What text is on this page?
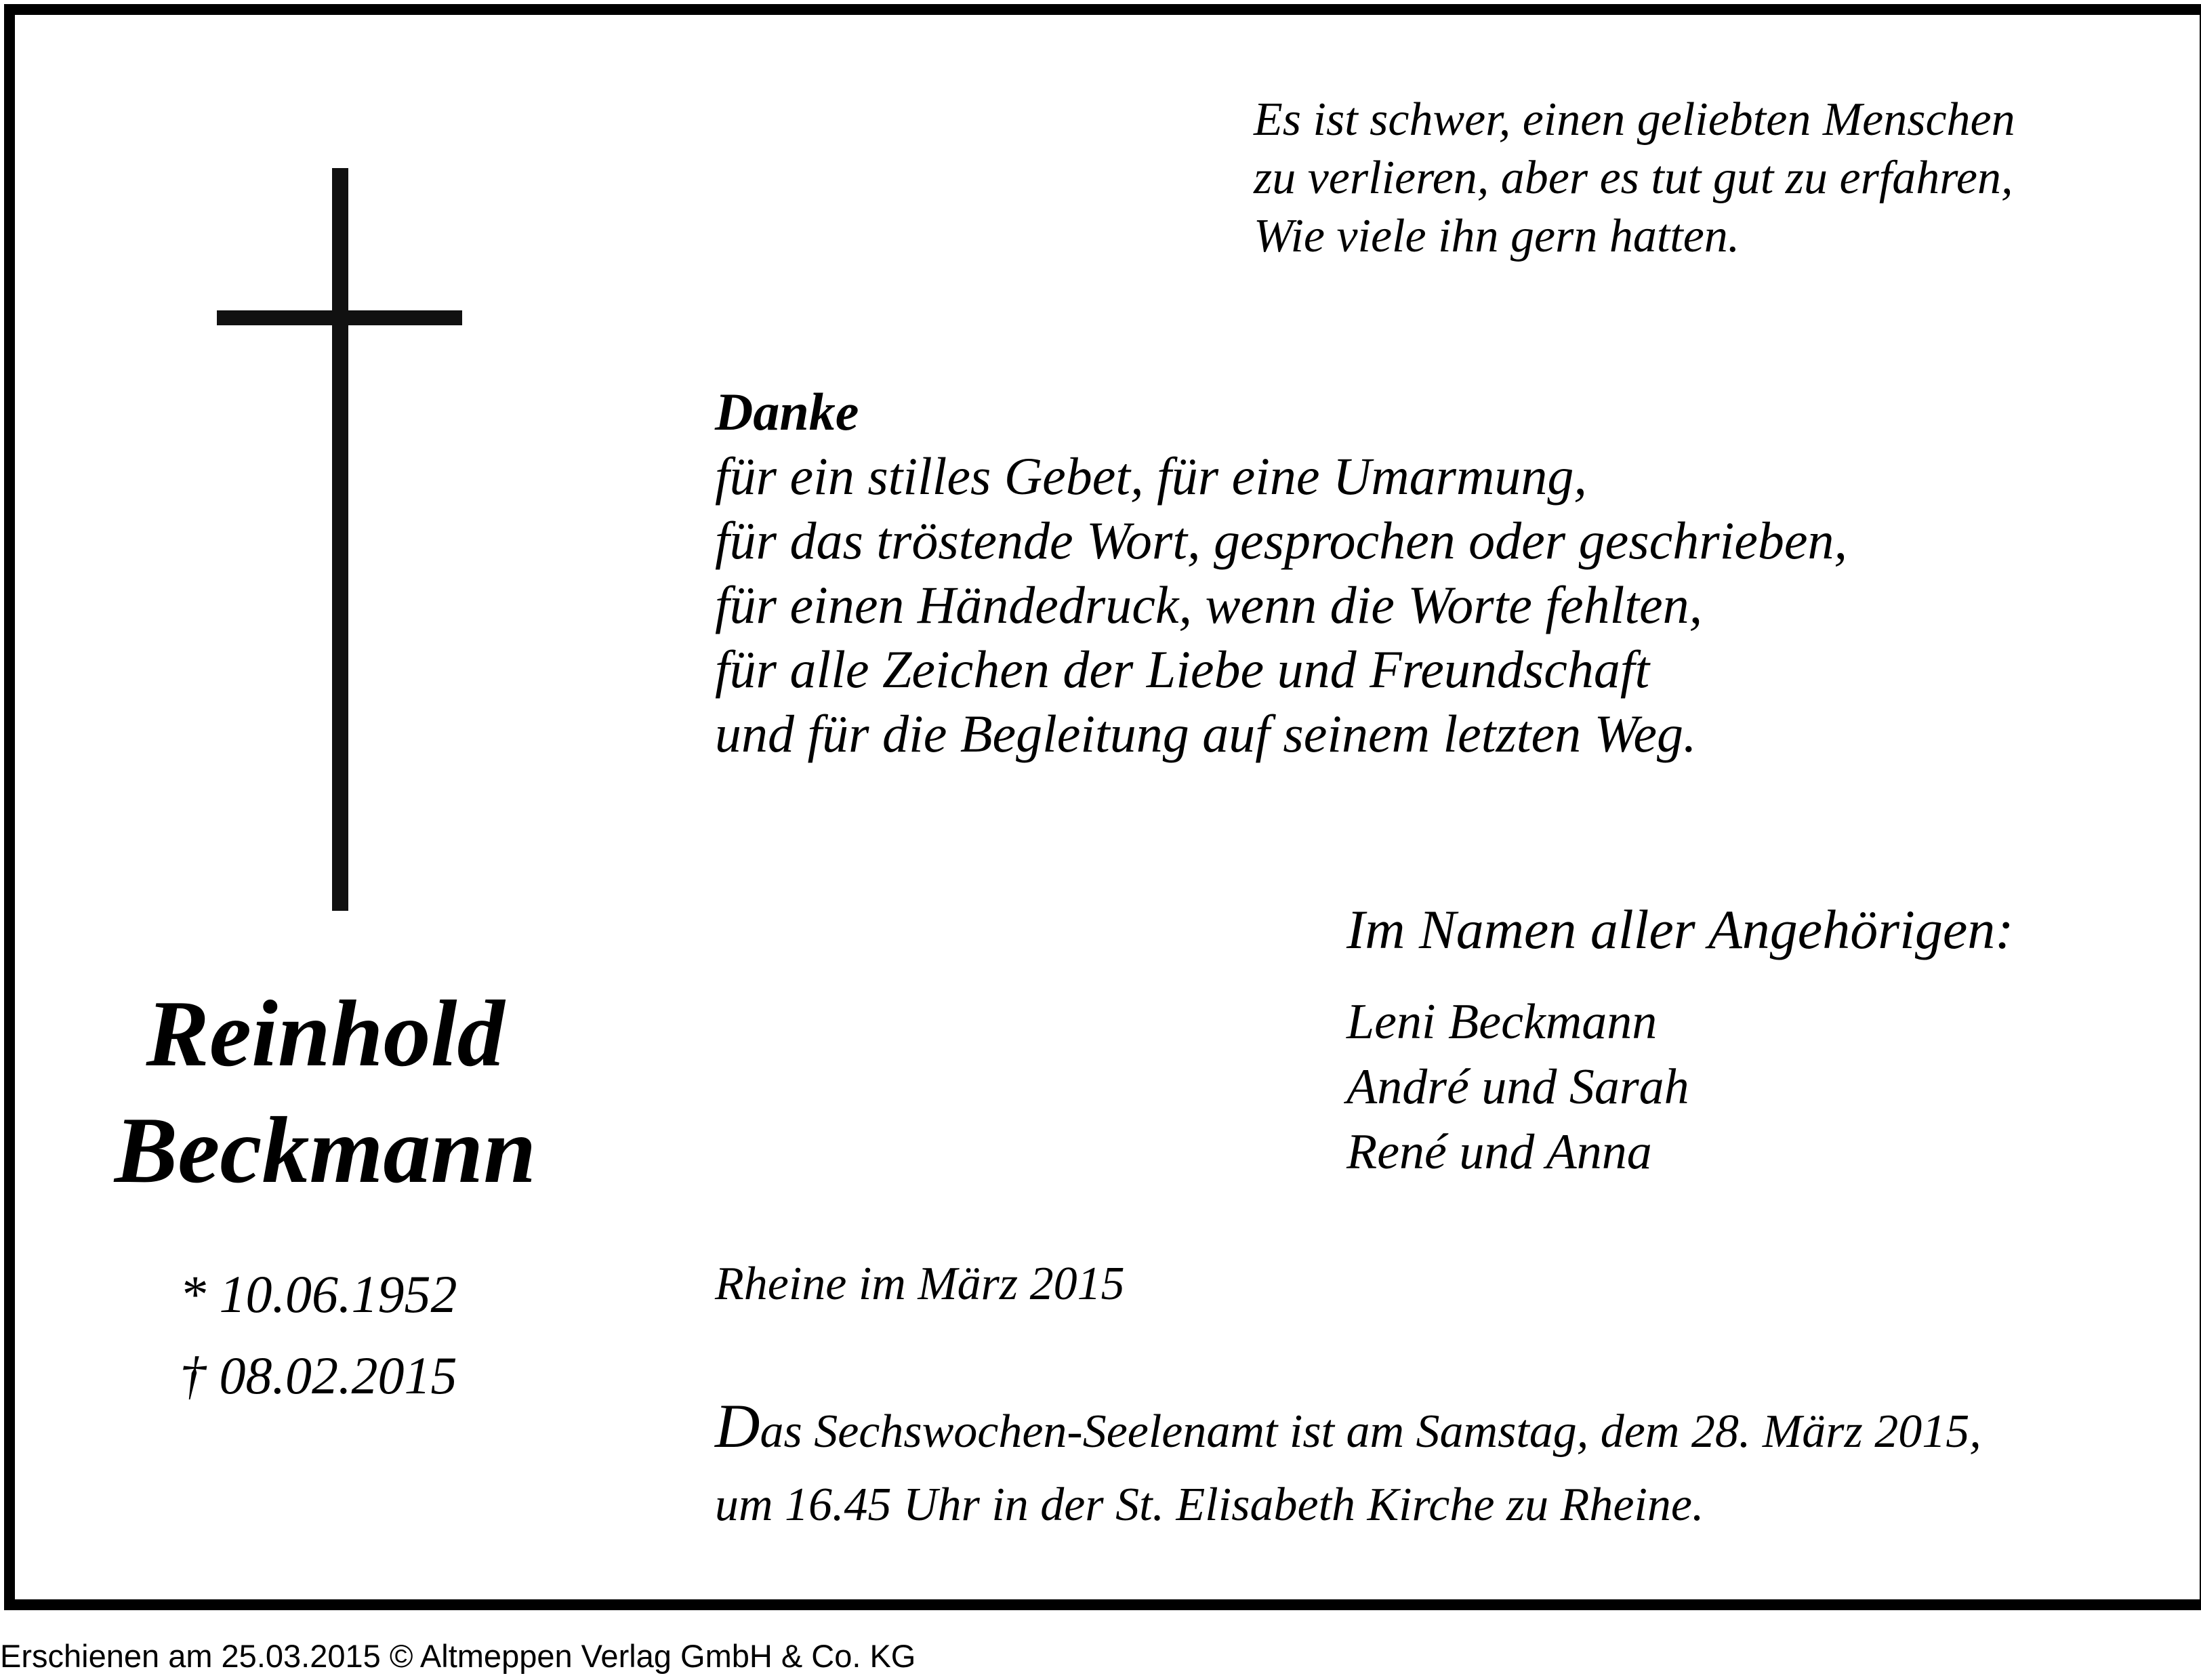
Es ist schwer, einen geliebten Menschen
zu verlieren, aber es tut gut zu erfahren,
Wie viele ihn gern hatten.
Danke
für ein stilles Gebet, für eine Umarmung,
für das tröstende Wort, gesprochen oder geschrieben,
für einen Händedruck, wenn die Worte fehlten,
für alle Zeichen der Liebe und Freundschaft
und für die Begleitung auf seinem letzten Weg.
Im Namen aller Angehörigen:
Leni Beckmann
André und Sarah
René und Anna
Reinhold
Beckmann
* 10.06.1952
† 08.02.2015
Rheine im März 2015
Das Sechswochen-Seelenamt ist am Samstag, dem 28. März 2015,
um 16.45 Uhr in der St. Elisabeth Kirche zu Rheine.
Erschienen am 25.03.2015 © Altmeppen Verlag GmbH & Co. KG
